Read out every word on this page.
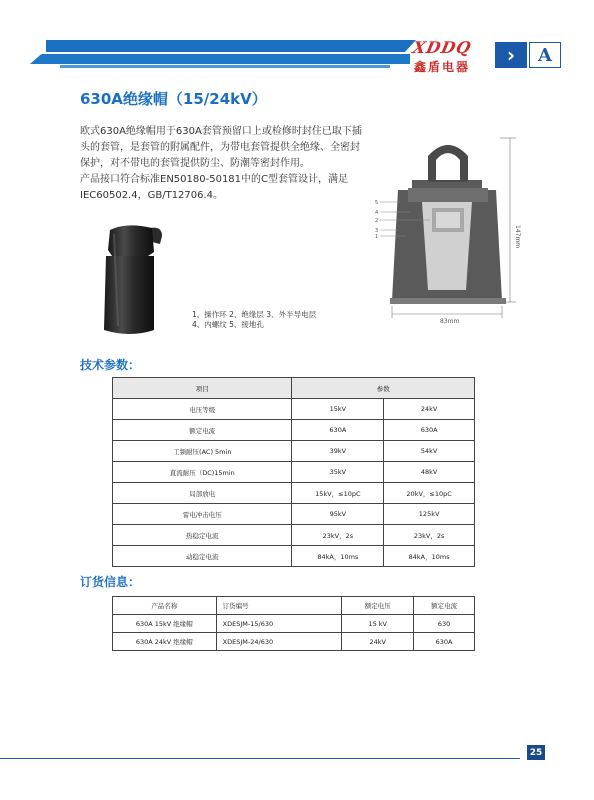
XDDQ
鑫盾电器	›	A
630A绝缘帽（15/24kV）
欧式630A绝缘帽用于630A套管预留口上或检修时封住已取下插
头的套管，是套管的附属配件，为带电套管提供全绝缘、全密封
保护，对不带电的套管提供防尘、防潮等密封作用。
产品接口符合标准EN50180-50181中的C型套管设计，满足
IEC60502.4，GB/T12706.4。
1、操作环 2、绝缘层 3、外半导电层
4、内螺纹 5、接地孔
5
4
2
3
1	147mm
83mm
技术参数：
项目	参数	
电压等级	15kV	24kV
额定电流	630A	630A
工频耐压(AC) 5min	39kV	54kV
直流耐压（DC)15min	35kV	48kV
局部放电	15kV，≤10pC	20kV，≤10pC
雷电冲击电压	95kV	125kV
热稳定电流	23kV，2s	23kV，2s
动稳定电流	84kA，10ms	84kA，10ms
订货信息：
产品名称	订货编号	额定电压	额定电流
630A 15kV 绝缘帽	XDESJM-15/630	15 kV	630
630A 24kV 绝缘帽	XDESJM-24/630	24kV	630A
25
